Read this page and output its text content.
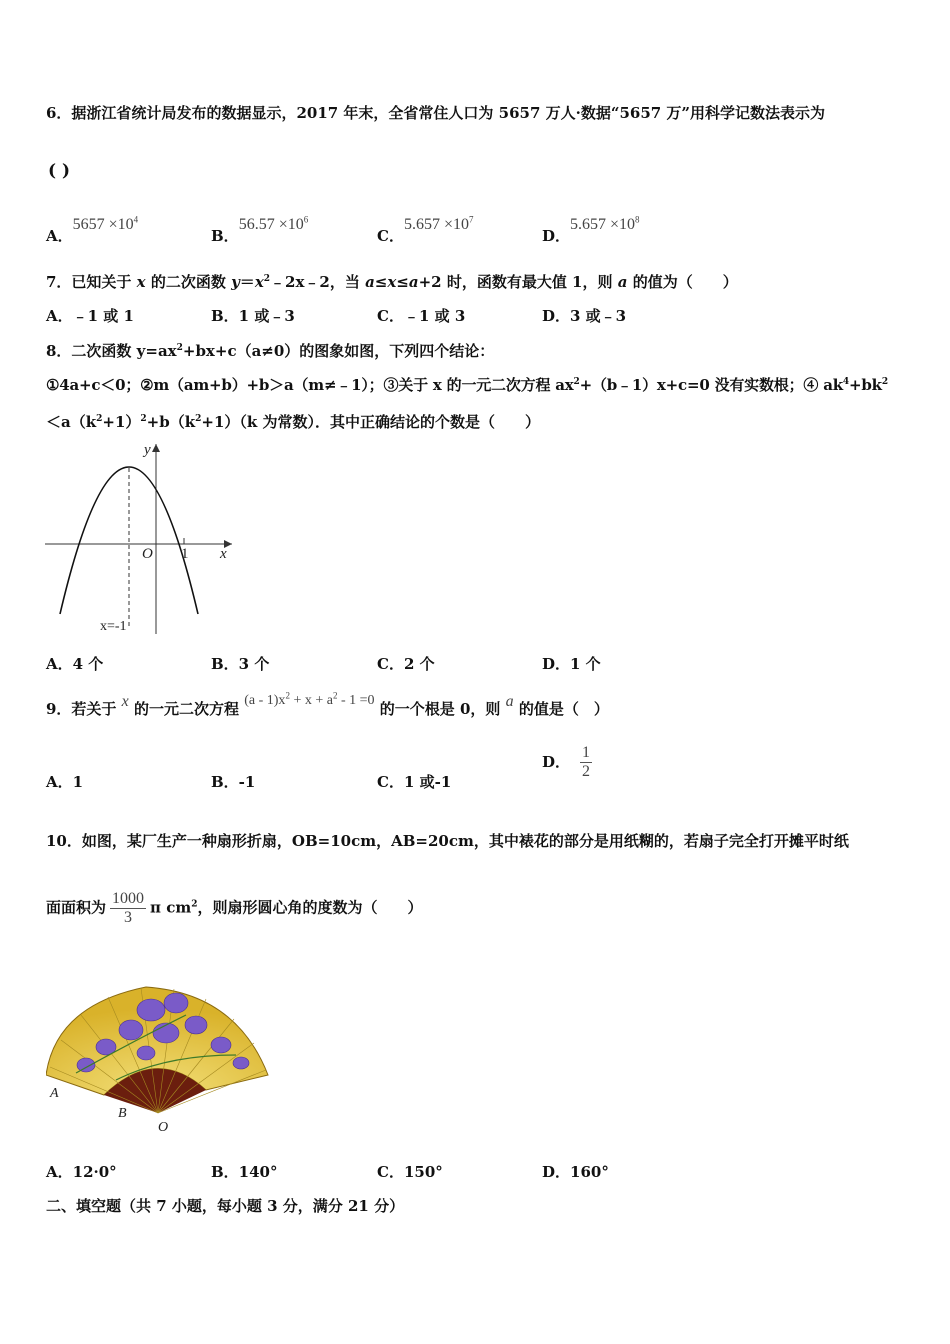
6．据浙江省统计局发布的数据显示，2017 年末，全省常住人口为 5657 万人·数据“5657 万”用科学记数法表示为
( )
A．$5657 \times 10^4$
B．$56.57 \times 10^6$
C．$5.657 \times 10^7$
D．$5.657 \times 10^8$
7．已知关于 x 的二次函数 $y=x^2﹣2x﹣2$，当 a≤x≤a+2 时，函数有最大值 1，则 a 的值为（　　）
A．﹣1 或 1	B．1 或﹣3	C．﹣1 或 3	D．3 或﹣3
8．二次函数 $y=ax^2+bx+c(a\ne 0)$的图象如图，下列四个结论：
①4a+c＜0；②m（am+b）+b＞a（m≠﹣1）；③关于 x 的一元二次方程 $ax^2+(b﹣1)x+c=0$ 没有实数根；④ $ak^4+bk^2$
$<a(k^2+1)^2+b(k^2+1)(k$ 为常数）．其中正确结论的个数是（　　）
y
x
O 1
x=-1
A．4 个	B．3 个	C．2 个	D．1 个
9．若关于 x 的一元二次方程 $(a - 1)x^2 + x + a^2 - 1 =0$ 的一个根是 0，则 a 的值是（　）
A．1	B．-1	C．1 或-1
D． $\frac{1}{2}$
10．如图，某厂生产一种扇形折扇，OB=10cm，AB=20cm，其中裱花的部分是用纸糊的，若扇子完全打开摊平时纸
面面积为 $\frac{1000}{3}$ π $cm^2$，则扇形圆心角的度数为（　　）
A
B
O
A．12·0°	B．140°	C．150°	D．160°
二、填空题（共 7 小题，每小题 3 分，满分 21 分）
